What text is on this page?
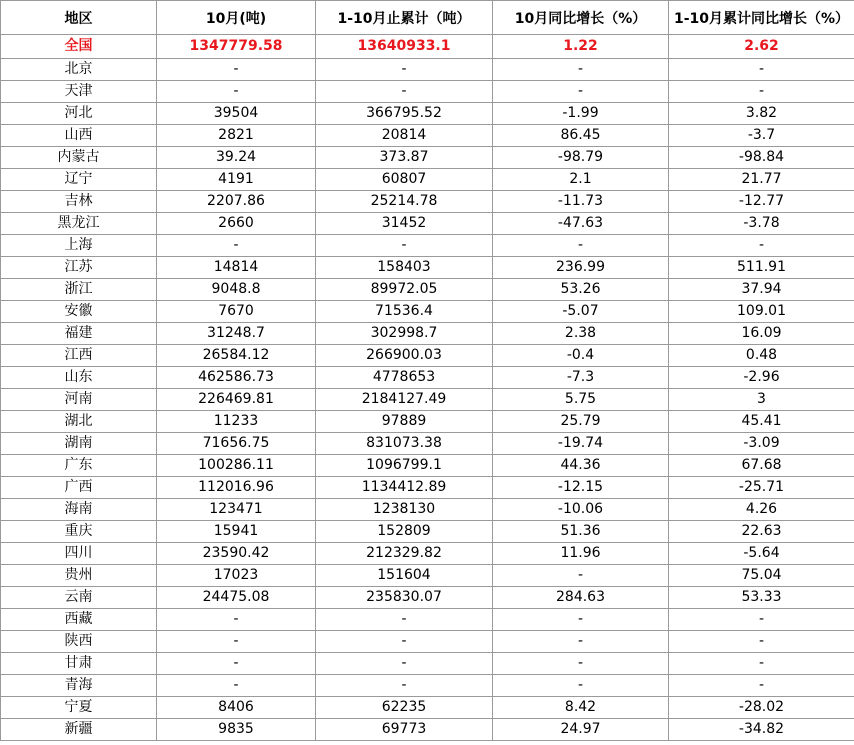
地区	10月(吨)	1-10月止累计（吨）	10月同比增长（%）	1-10月累计同比增长（%）
全国	1347779.58	13640933.1	1.22	2.62
北京	-	-	-	-
天津	-	-	-	-
河北	39504	366795.52	-1.99	3.82
山西	2821	20814	86.45	-3.7
内蒙古	39.24	373.87	-98.79	-98.84
辽宁	4191	60807	2.1	21.77
吉林	2207.86	25214.78	-11.73	-12.77
黑龙江	2660	31452	-47.63	-3.78
上海	-	-	-	-
江苏	14814	158403	236.99	511.91
浙江	9048.8	89972.05	53.26	37.94
安徽	7670	71536.4	-5.07	109.01
福建	31248.7	302998.7	2.38	16.09
江西	26584.12	266900.03	-0.4	0.48
山东	462586.73	4778653	-7.3	-2.96
河南	226469.81	2184127.49	5.75	3
湖北	11233	97889	25.79	45.41
湖南	71656.75	831073.38	-19.74	-3.09
广东	100286.11	1096799.1	44.36	67.68
广西	112016.96	1134412.89	-12.15	-25.71
海南	123471	1238130	-10.06	4.26
重庆	15941	152809	51.36	22.63
四川	23590.42	212329.82	11.96	-5.64
贵州	17023	151604	-	75.04
云南	24475.08	235830.07	284.63	53.33
西藏	-	-	-	-
陕西	-	-	-	-
甘肃	-	-	-	-
青海	-	-	-	-
宁夏	8406	62235	8.42	-28.02
新疆	9835	69773	24.97	-34.82
